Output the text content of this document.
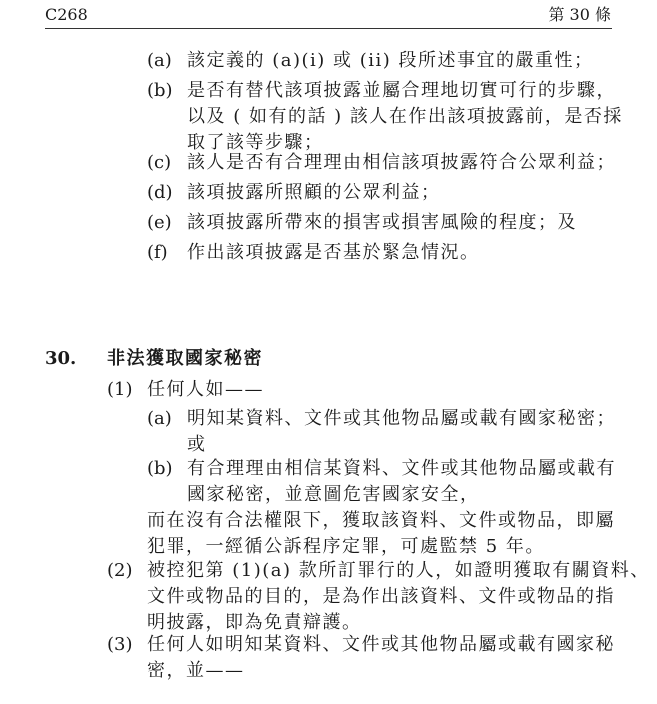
C268	第 30 條
(a) 該定義的 (a)(i) 或 (ii) 段所述事宜的嚴重性；
(b) 是否有替代該項披露並屬合理地切實可行的步驟，
以及 ( 如有的話 ) 該人在作出該項披露前，是否採
取了該等步驟；
(c) 該人是否有合理理由相信該項披露符合公眾利益；
(d) 該項披露所照顧的公眾利益；
(e) 該項披露所帶來的損害或損害風險的程度；及
(f) 作出該項披露是否基於緊急情況。
30. 非法獲取國家秘密
(1) 任何人如——
(a) 明知某資料、文件或其他物品屬或載有國家秘密；
或
(b) 有合理理由相信某資料、文件或其他物品屬或載有
國家秘密，並意圖危害國家安全，
而在沒有合法權限下，獲取該資料、文件或物品，即屬
犯罪，一經循公訴程序定罪，可處監禁 5 年。
(2) 被控犯第 (1)(a) 款所訂罪行的人，如證明獲取有關資料、
文件或物品的目的，是為作出該資料、文件或物品的指
明披露，即為免責辯護。
(3) 任何人如明知某資料、文件或其他物品屬或載有國家秘
密，並——
